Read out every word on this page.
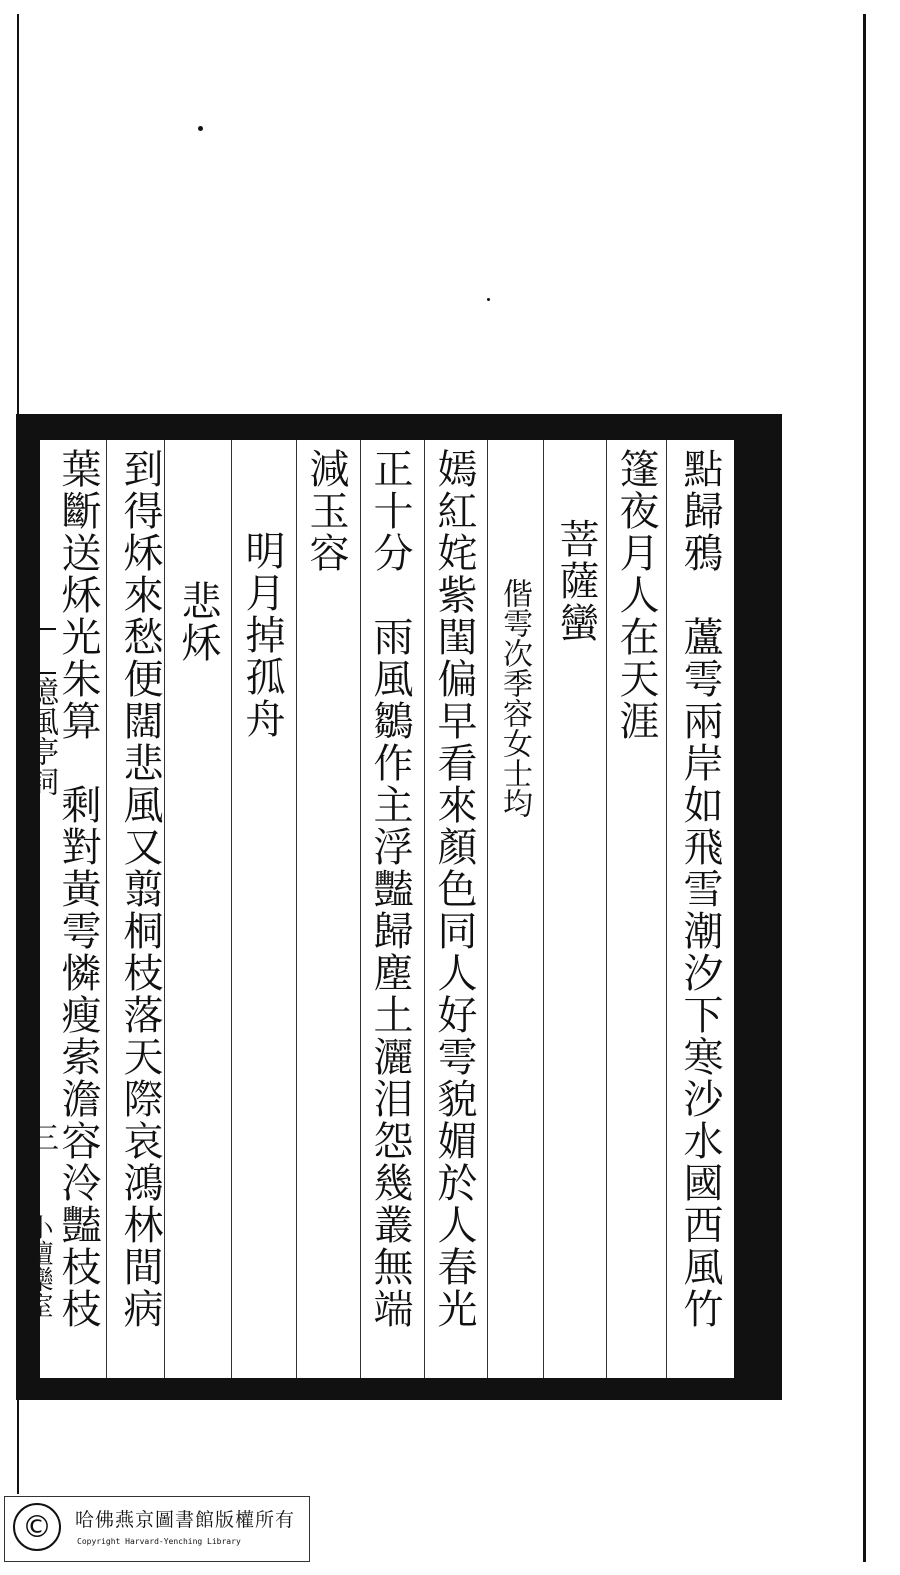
點歸鴉　蘆雩兩岸如飛雪潮汐下寒沙水國西風竹
篷夜月人在天涯
菩薩蠻
偕雩次季容女士均
嫣紅姹紫閨偏早看來顏色同人好雩貌媚於人春光
正十分　雨風鶵作主浮豔歸塵土灑泪怨幾叢無端
減玉容
明月掉孤舟
悲秌
到得秌來愁便闊悲風又翦桐枝落天際哀鴻林間病
葉斷送秌光朱算　剩對黃雩憐瘦索澹容泠豔枝枝
憶風亭詞
三
小檀欒室
©	哈佛燕京圖書館版權所有
Copyright Harvard-Yenching Library
